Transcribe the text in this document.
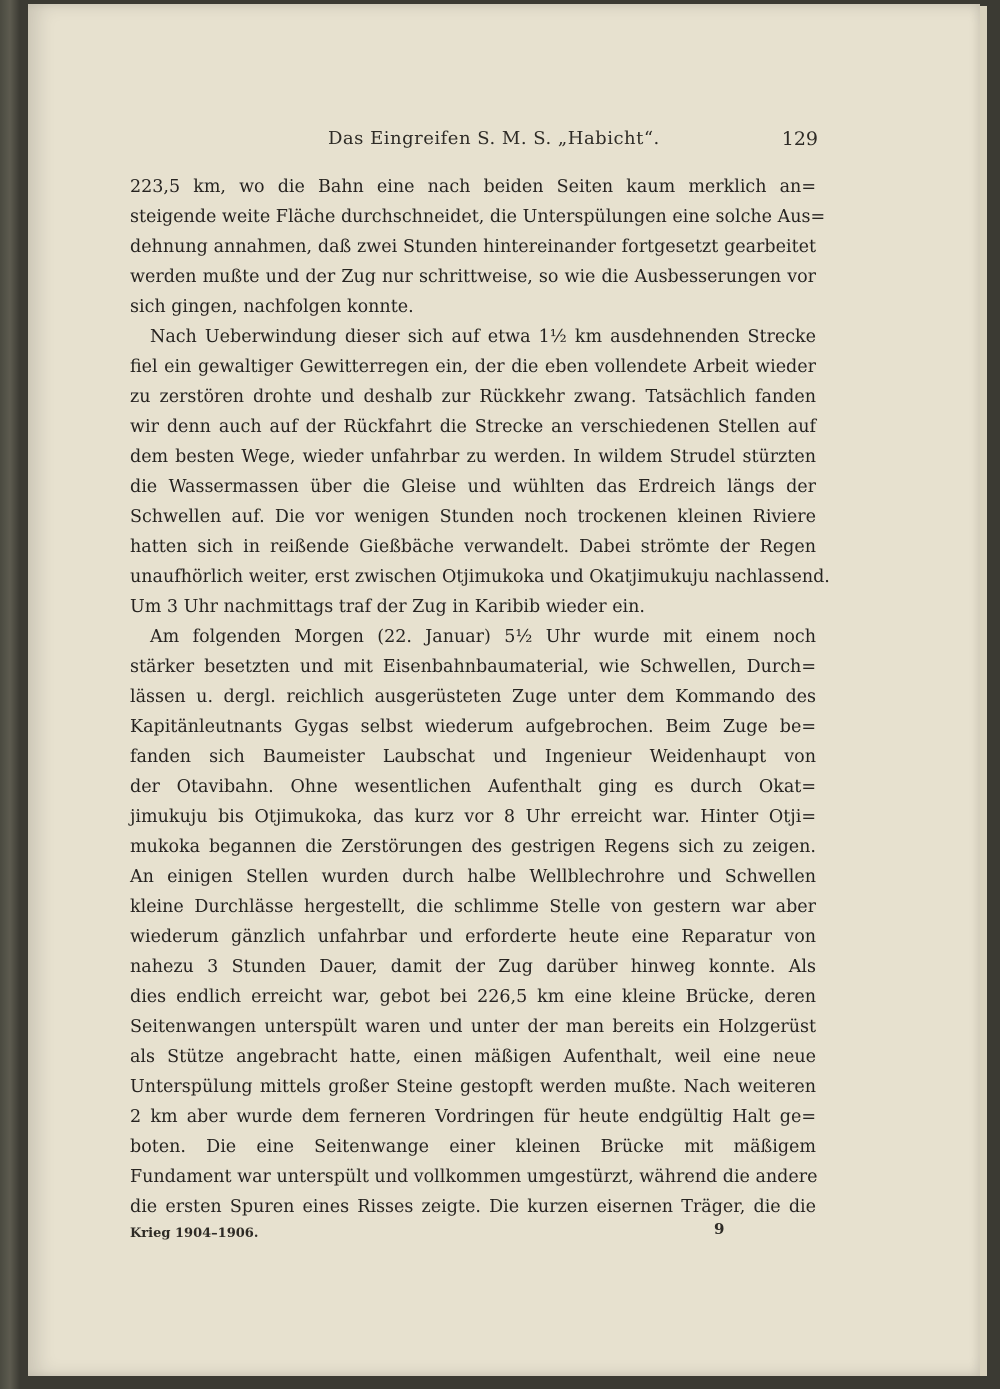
Das Eingreifen S. M. S. „Habicht“.	129
223,5 km, wo die Bahn eine nach beiden Seiten kaum merklich an=
steigende weite Fläche durchschneidet, die Unterspülungen eine solche Aus=
dehnung annahmen, daß zwei Stunden hintereinander fortgesetzt gearbeitet
werden mußte und der Zug nur schrittweise, so wie die Ausbesserungen vor
sich gingen, nachfolgen konnte.
Nach Ueberwindung dieser sich auf etwa 1½ km ausdehnenden Strecke
fiel ein gewaltiger Gewitterregen ein, der die eben vollendete Arbeit wieder
zu zerstören drohte und deshalb zur Rückkehr zwang. Tatsächlich fanden
wir denn auch auf der Rückfahrt die Strecke an verschiedenen Stellen auf
dem besten Wege, wieder unfahrbar zu werden. In wildem Strudel stürzten
die Wassermassen über die Gleise und wühlten das Erdreich längs der
Schwellen auf. Die vor wenigen Stunden noch trockenen kleinen Riviere
hatten sich in reißende Gießbäche verwandelt. Dabei strömte der Regen
unaufhörlich weiter, erst zwischen Otjimukoka und Okatjimukuju nachlassend.
Um 3 Uhr nachmittags traf der Zug in Karibib wieder ein.
Am folgenden Morgen (22. Januar) 5½ Uhr wurde mit einem noch
stärker besetzten und mit Eisenbahnbaumaterial, wie Schwellen, Durch=
lässen u. dergl. reichlich ausgerüsteten Zuge unter dem Kommando des
Kapitänleutnants Gygas selbst wiederum aufgebrochen. Beim Zuge be=
fanden sich Baumeister Laubschat und Ingenieur Weidenhaupt von
der Otavibahn. Ohne wesentlichen Aufenthalt ging es durch Okat=
jimukuju bis Otjimukoka, das kurz vor 8 Uhr erreicht war. Hinter Otji=
mukoka begannen die Zerstörungen des gestrigen Regens sich zu zeigen.
An einigen Stellen wurden durch halbe Wellblechrohre und Schwellen
kleine Durchlässe hergestellt, die schlimme Stelle von gestern war aber
wiederum gänzlich unfahrbar und erforderte heute eine Reparatur von
nahezu 3 Stunden Dauer, damit der Zug darüber hinweg konnte. Als
dies endlich erreicht war, gebot bei 226,5 km eine kleine Brücke, deren
Seitenwangen unterspült waren und unter der man bereits ein Holzgerüst
als Stütze angebracht hatte, einen mäßigen Aufenthalt, weil eine neue
Unterspülung mittels großer Steine gestopft werden mußte. Nach weiteren
2 km aber wurde dem ferneren Vordringen für heute endgültig Halt ge=
boten. Die eine Seitenwange einer kleinen Brücke mit mäßigem
Fundament war unterspült und vollkommen umgestürzt, während die andere
die ersten Spuren eines Risses zeigte. Die kurzen eisernen Träger, die die
Krieg 1904–1906.	9
